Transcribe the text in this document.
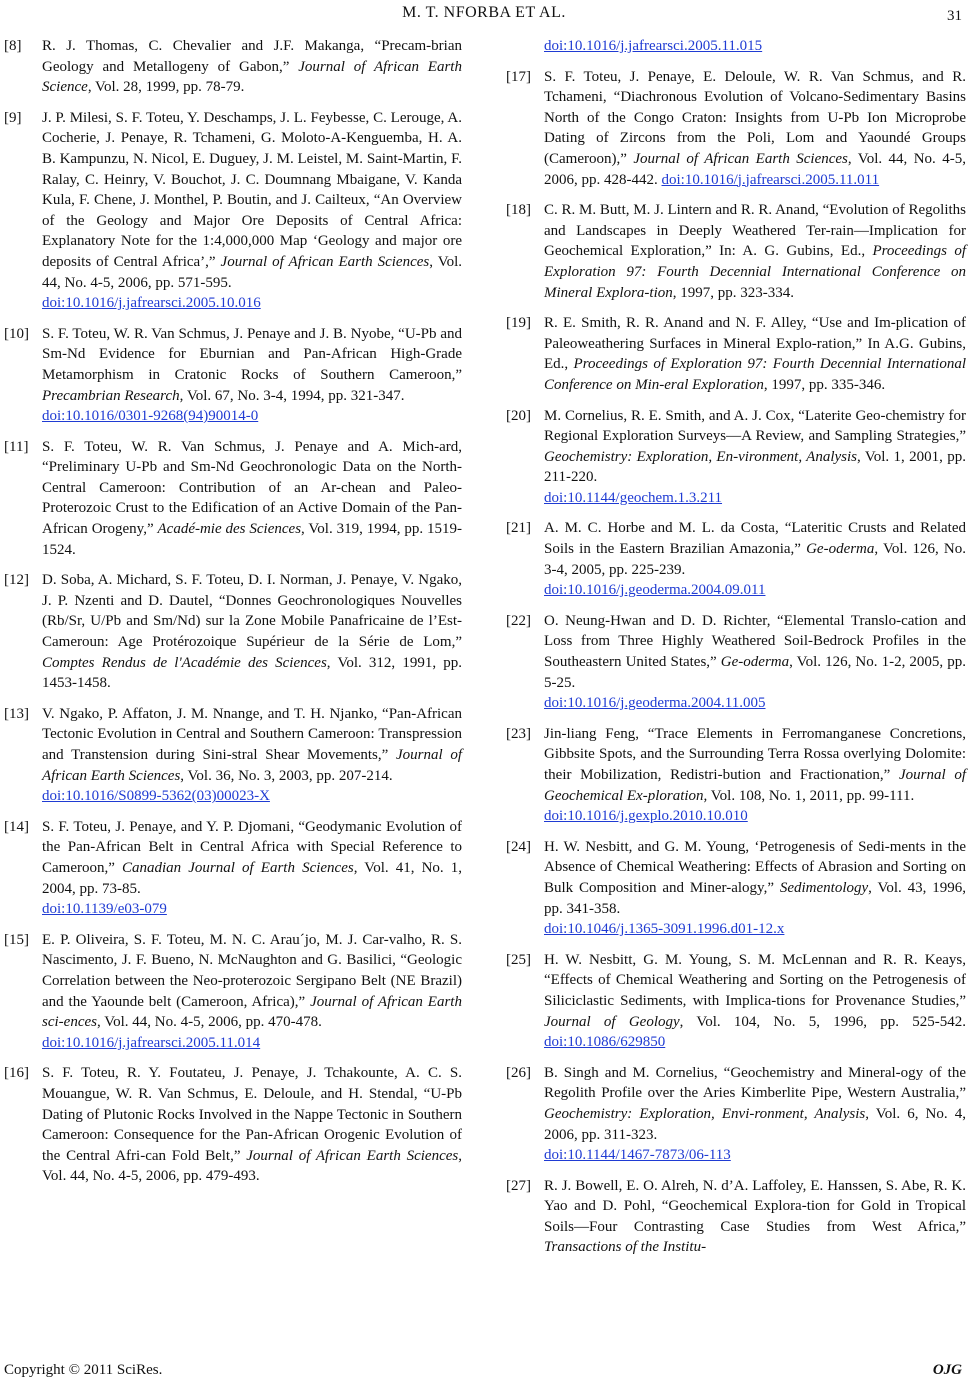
M. T. NFORBA ET AL.	31
[8] R. J. Thomas, C. Chevalier and J.F. Makanga, “Precam-brian Geology and Metallogeny of Gabon,” Journal of African Earth Science, Vol. 28, 1999, pp. 78-79.
[9] J. P. Milesi, S. F. Toteu, Y. Deschamps, J. L. Feybesse, C. Lerouge, A. Cocherie, J. Penaye, R. Tchameni, G. Moloto-A-Kenguemba, H. A. B. Kampunzu, N. Nicol, E. Duguey, J. M. Leistel, M. Saint-Martin, F. Ralay, C. Heinry, V. Bouchot, J. C. Doumnang Mbaigane, V. Kanda Kula, F. Chene, J. Monthel, P. Boutin, and J. Cailteux, “An Overview of the Geology and Major Ore Deposits of Central Africa: Explanatory Note for the 1:4,000,000 Map ‘Geology and major ore deposits of Central Africa’,” Journal of African Earth Sciences, Vol. 44, No. 4-5, 2006, pp. 571-595.
doi:10.1016/j.jafrearsci.2005.10.016
[10] S. F. Toteu, W. R. Van Schmus, J. Penaye and J. B. Nyobe, “U-Pb and Sm-Nd Evidence for Eburnian and Pan-African High-Grade Metamorphism in Cratonic Rocks of Southern Cameroon,” Precambrian Research, Vol. 67, No. 3-4, 1994, pp. 321-347.
doi:10.1016/0301-9268(94)90014-0
[11] S. F. Toteu, W. R. Van Schmus, J. Penaye and A. Mich-ard, “Preliminary U-Pb and Sm-Nd Geochronologic Data on the North-Central Cameroon: Contribution of an Ar-chean and Paleo-Proterozoic Crust to the Edification of an Active Domain of the Pan-African Orogeny,” Acadé-mie des Sciences, Vol. 319, 1994, pp. 1519-1524.
[12] D. Soba, A. Michard, S. F. Toteu, D. I. Norman, J. Penaye, V. Ngako, J. P. Nzenti and D. Dautel, “Donnes Geochronologiques Nouvelles (Rb/Sr, U/Pb and Sm/Nd) sur la Zone Mobile Panafricaine de l’Est-Cameroun: Age Protérozoique Supérieur de la Série de Lom,” Comptes Rendus de l'Académie des Sciences, Vol. 312, 1991, pp. 1453-1458.
[13] V. Ngako, P. Affaton, J. M. Nnange, and T. H. Njanko, “Pan-African Tectonic Evolution in Central and Southern Cameroon: Transpression and Transtension during Sini-stral Shear Movements,” Journal of African Earth Sciences, Vol. 36, No. 3, 2003, pp. 207-214.
doi:10.1016/S0899-5362(03)00023-X
[14] S. F. Toteu, J. Penaye, and Y. P. Djomani, “Geodymanic Evolution of the Pan-African Belt in Central Africa with Special Reference to Cameroon,” Canadian Journal of Earth Sciences, Vol. 41, No. 1, 2004, pp. 73-85.
doi:10.1139/e03-079
[15] E. P. Oliveira, S. F. Toteu, M. N. C. Arau´jo, M. J. Car-valho, R. S. Nascimento, J. F. Bueno, N. McNaughton and G. Basilici, “Geologic Correlation between the Neo-proterozoic Sergipano Belt (NE Brazil) and the Yaounde belt (Cameroon, Africa),” Journal of African Earth sci-ences, Vol. 44, No. 4-5, 2006, pp. 470-478.
doi:10.1016/j.jafrearsci.2005.11.014
[16] S. F. Toteu, R. Y. Foutateu, J. Penaye, J. Tchakounte, A. C. S. Mouangue, W. R. Van Schmus, E. Deloule, and H. Stendal, “U-Pb Dating of Plutonic Rocks Involved in the Nappe Tectonic in Southern Cameroon: Consequence for the Pan-African Orogenic Evolution of the Central Afri-can Fold Belt,” Journal of African Earth Sciences, Vol. 44, No. 4-5, 2006, pp. 479-493.
doi:10.1016/j.jafrearsci.2005.11.015
[17] S. F. Toteu, J. Penaye, E. Deloule, W. R. Van Schmus, and R. Tchameni, “Diachronous Evolution of Volcano-Sedimentary Basins North of the Congo Craton: Insights from U-Pb Ion Microprobe Dating of Zircons from the Poli, Lom and Yaoundé Groups (Cameroon),” Journal of African Earth Sciences, Vol. 44, No. 4-5, 2006, pp. 428-442. doi:10.1016/j.jafrearsci.2005.11.011
[18] C. R. M. Butt, M. J. Lintern and R. R. Anand, “Evolution of Regoliths and Landscapes in Deeply Weathered Ter-rain—Implication for Geochemical Exploration,” In: A. G. Gubins, Ed., Proceedings of Exploration 97: Fourth Decennial International Conference on Mineral Explora-tion, 1997, pp. 323-334.
[19] R. E. Smith, R. R. Anand and N. F. Alley, “Use and Im-plication of Paleoweathering Surfaces in Mineral Explo-ration,” In A.G. Gubins, Ed., Proceedings of Exploration 97: Fourth Decennial International Conference on Min-eral Exploration, 1997, pp. 335-346.
[20] M. Cornelius, R. E. Smith, and A. J. Cox, “Laterite Geo-chemistry for Regional Exploration Surveys—A Review, and Sampling Strategies,” Geochemistry: Exploration, En-vironment, Analysis, Vol. 1, 2001, pp. 211-220.
doi:10.1144/geochem.1.3.211
[21] A. M. C. Horbe and M. L. da Costa, “Lateritic Crusts and Related Soils in the Eastern Brazilian Amazonia,” Ge-oderma, Vol. 126, No. 3-4, 2005, pp. 225-239.
doi:10.1016/j.geoderma.2004.09.011
[22] O. Neung-Hwan and D. D. Richter, “Elemental Translo-cation and Loss from Three Highly Weathered Soil-Bedrock Profiles in the Southeastern United States,” Ge-oderma, Vol. 126, No. 1-2, 2005, pp. 5-25.
doi:10.1016/j.geoderma.2004.11.005
[23] Jin-liang Feng, “Trace Elements in Ferromanganese Concretions, Gibbsite Spots, and the Surrounding Terra Rossa overlying Dolomite: their Mobilization, Redistri-bution and Fractionation,” Journal of Geochemical Ex-ploration, Vol. 108, No. 1, 2011, pp. 99-111.
doi:10.1016/j.gexplo.2010.10.010
[24] H. W. Nesbitt, and G. M. Young, ‘Petrogenesis of Sedi-ments in the Absence of Chemical Weathering: Effects of Abrasion and Sorting on Bulk Composition and Miner-alogy,” Sedimentology, Vol. 43, 1996, pp. 341-358.
doi:10.1046/j.1365-3091.1996.d01-12.x
[25] H. W. Nesbitt, G. M. Young, S. M. McLennan and R. R. Keays, “Effects of Chemical Weathering and Sorting on the Petrogenesis of Siliciclastic Sediments, with Implica-tions for Provenance Studies,” Journal of Geology, Vol. 104, No. 5, 1996, pp. 525-542. doi:10.1086/629850
[26] B. Singh and M. Cornelius, “Geochemistry and Mineral-ogy of the Regolith Profile over the Aries Kimberlite Pipe, Western Australia,” Geochemistry: Exploration, Envi-ronment, Analysis, Vol. 6, No. 4, 2006, pp. 311-323.
doi:10.1144/1467-7873/06-113
[27] R. J. Bowell, E. O. Alreh, N. d’A. Laffoley, E. Hanssen, S. Abe, R. K. Yao and D. Pohl, “Geochemical Explora-tion for Gold in Tropical Soils—Four Contrasting Case Studies from West Africa,” Transactions of the Institu-
Copyright © 2011 SciRes.	OJG
